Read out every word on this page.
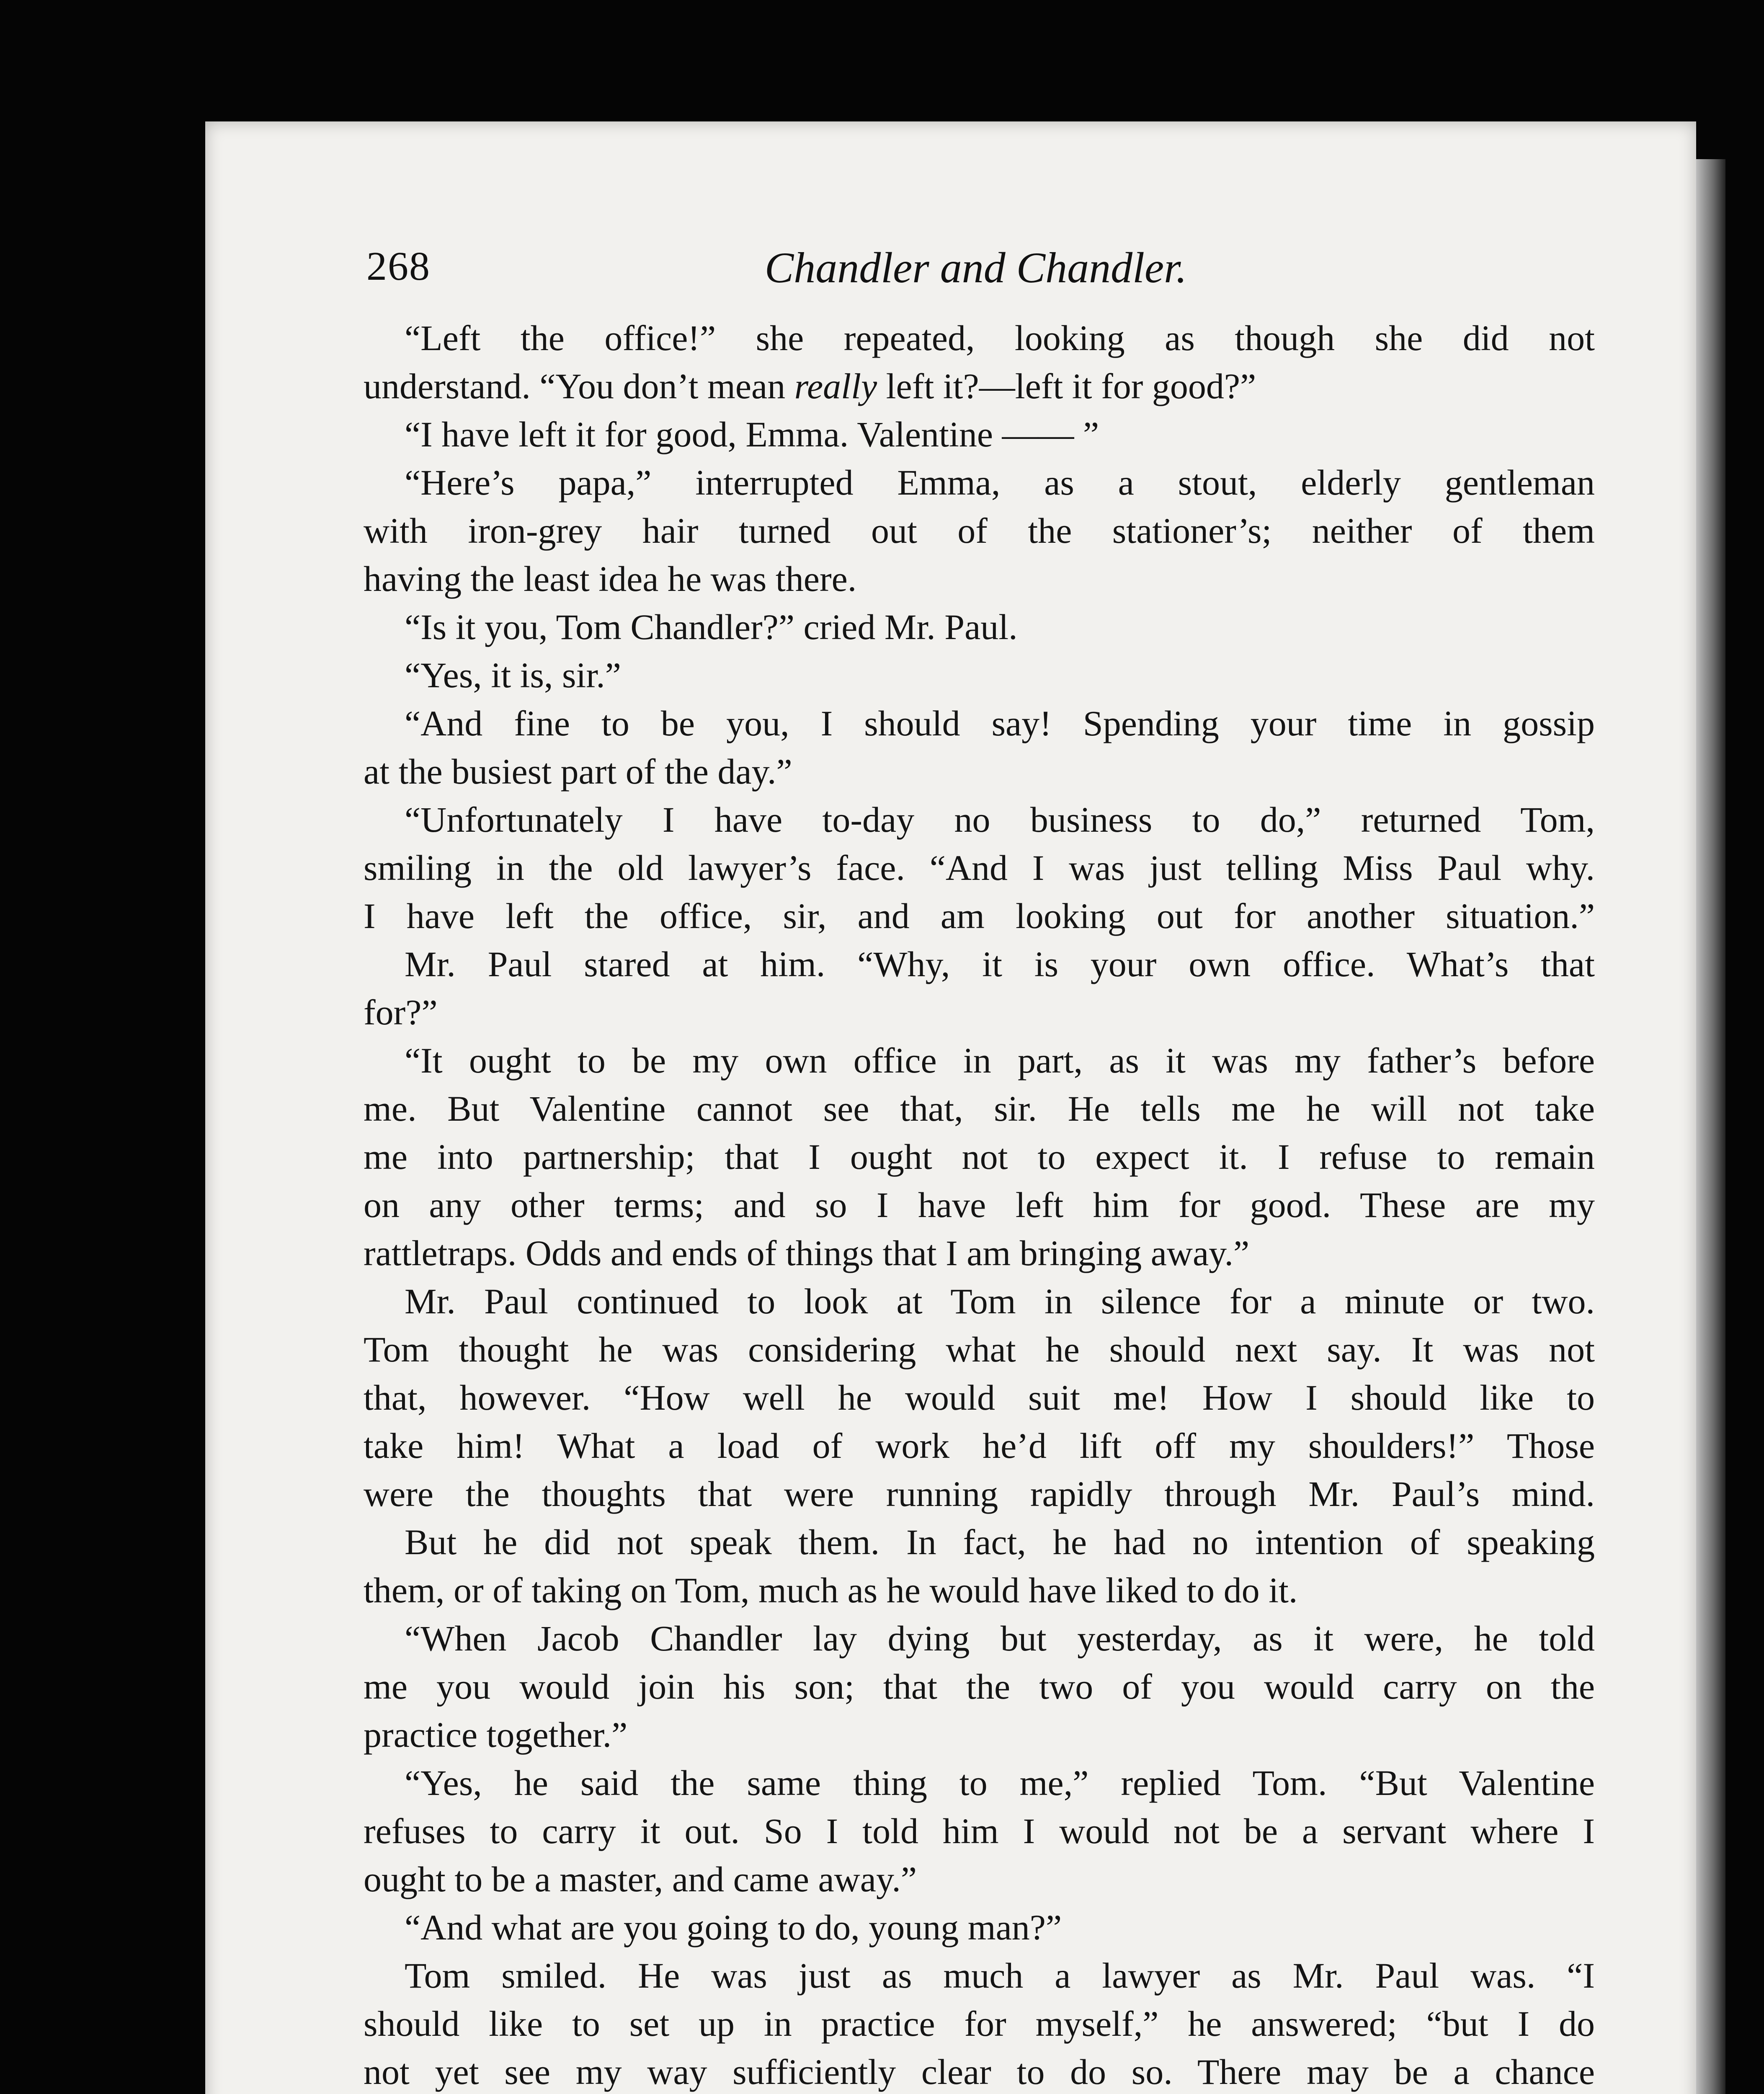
268	Chandler and Chandler.
“Left the office!” she repeated, looking as though she did not
understand. “You don’t mean really left it?—left it for good?”
“I have left it for good, Emma. Valentine —— ”
“Here’s papa,” interrupted Emma, as a stout, elderly gentleman
with iron-grey hair turned out of the stationer’s; neither of them
having the least idea he was there.
“Is it you, Tom Chandler?” cried Mr. Paul.
“Yes, it is, sir.”
“And fine to be you, I should say! Spending your time in gossip
at the busiest part of the day.”
“Unfortunately I have to-day no business to do,” returned Tom,
smiling in the old lawyer’s face. “And I was just telling Miss Paul why.
I have left the office, sir, and am looking out for another situation.”
Mr. Paul stared at him. “Why, it is your own office. What’s that
for?”
“It ought to be my own office in part, as it was my father’s before
me. But Valentine cannot see that, sir. He tells me he will not take
me into partnership; that I ought not to expect it. I refuse to remain
on any other terms; and so I have left him for good. These are my
rattletraps. Odds and ends of things that I am bringing away.”
Mr. Paul continued to look at Tom in silence for a minute or two.
Tom thought he was considering what he should next say. It was not
that, however. “How well he would suit me! How I should like to
take him! What a load of work he’d lift off my shoulders!” Those
were the thoughts that were running rapidly through Mr. Paul’s mind.
But he did not speak them. In fact, he had no intention of speaking
them, or of taking on Tom, much as he would have liked to do it.
“When Jacob Chandler lay dying but yesterday, as it were, he told
me you would join his son; that the two of you would carry on the
practice together.”
“Yes, he said the same thing to me,” replied Tom. “But Valentine
refuses to carry it out. So I told him I would not be a servant where I
ought to be a master, and came away.”
“And what are you going to do, young man?”
Tom smiled. He was just as much a lawyer as Mr. Paul was. “I
should like to set up in practice for myself,” he answered; “but I do
not yet see my way sufficiently clear to do so. There may be a chance
